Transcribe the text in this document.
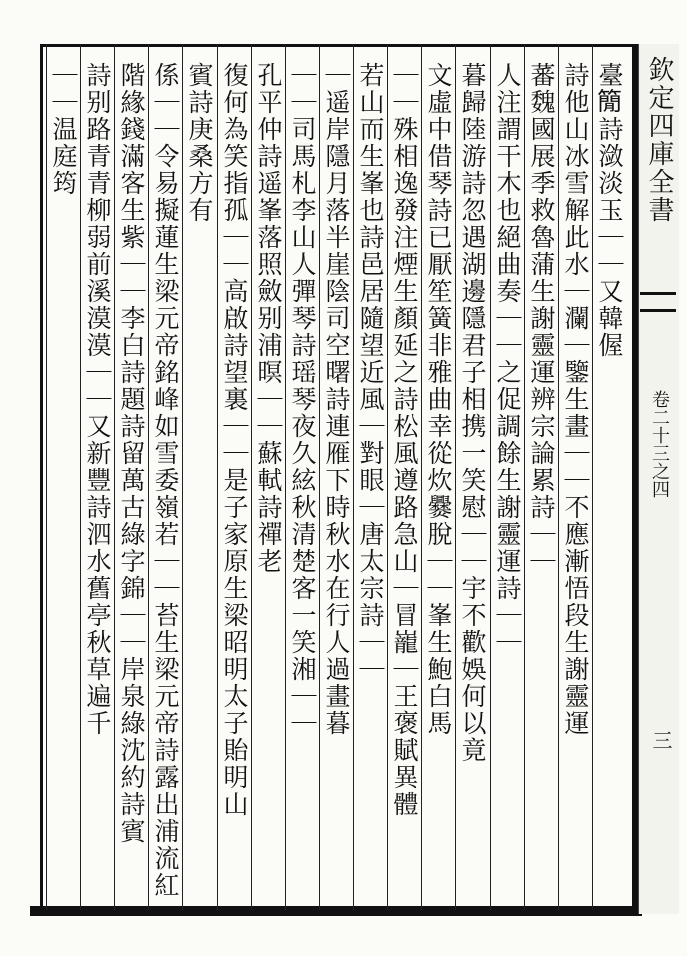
欽定四庫全書
卷二十三之四
三
臺𥳑詩潋淡玉｜｜又韓偓
詩他山冰雪解此水｜瀾｜鑒生畫｜｜不應漸悟段生謝靈運
蕃魏國展季救魯蒲生謝靈運辨宗論累詩｜｜
人注謂干木也絕曲奏｜｜之促調餘生謝靈運詩｜｜
暮歸陸游詩忽遇湖邊隱君子相携一笑慰｜｜宇不歡娛何以竟
文虛中借琴詩已厭笙簧非雅曲幸從炊爨脫｜｜峯生鮑白馬
｜｜殊相逸發注煙生顏延之詩松風遵路急山｜冒巃｜王褒賦異體
若山而生峯也詩邑居隨望近風｜對眼｜唐太宗詩｜｜
｜遥岸隱月落半崖陰司空曙詩連雁下時秋水在行人過畫暮
｜｜司馬札李山人彈琴詩瑶琴夜久絃秋清楚客一笑湘｜｜
孔平仲詩遥峯落照斂别浦暝｜｜蘇軾詩禪老
復何為笑指孤｜｜高啟詩望裏｜｜是子家原生梁昭明太子貽明山
賓詩庚桑方有
係｜｜令易擬蓮生梁元帝銘峰如雪委嶺若｜｜苔生梁元帝詩露出浦流紅
階緣錢滿客生紫｜｜李白詩題詩留萬古綠字錦｜｜岸泉綠沈約詩賓
詩别路青青柳弱前溪漠漠｜｜又新豐詩泗水舊亭秋草遍千
｜｜温庭筠
